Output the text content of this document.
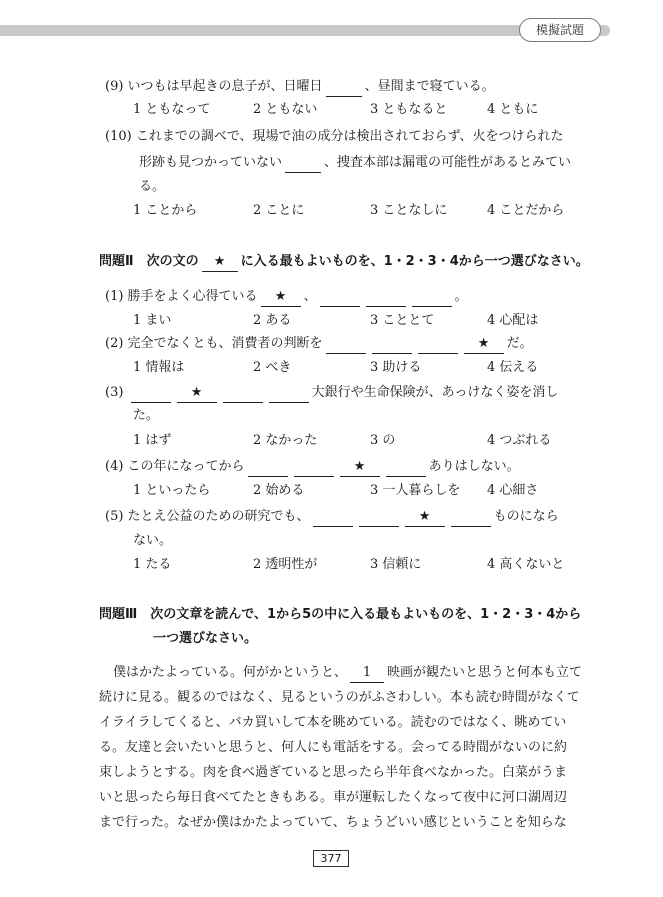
模擬試題
(9) いつもは早起きの息子が、日曜日	、昼間まで寝ている。
1 ともなって	2 ともない	3 ともなると	4 ともに
(10) これまでの調べで、現場で油の成分は検出されておらず、火をつけられた
形跡も見つかっていない	、捜査本部は漏電の可能性があるとみてい
る。
1 ことから	2 ことに	3 ことなしに	4 ことだから
問題Ⅱ　次の文の ★ に入る最もよいものを、1・2・3・4から一つ選びなさい。
(1) 勝手をよく心得ている ★ 、	。
1 まい	2 ある	3 こととて	4 心配は
(2) 完全でなくとも、消費者の判断を	★ だ。
1 情報は	2 べき	3 助ける	4 伝える
(3)	★	大銀行や生命保険が、あっけなく姿を消し
た。
1 はず	2 なかった	3 の	4 つぶれる
(4) この年になってから	★	ありはしない。
1 といったら	2 始める	3 一人暮らしを 4 心細さ
(5) たとえ公益のための研究でも、	★	ものになら
ない。
1 たる	2 透明性が	3 信頼に	4 高くないと
問題Ⅲ　次の文章を読んで、1から5の中に入る最もよいものを、1・2・3・4から
一つ選びなさい。
僕はかたよっている。何がかというと、 1 映画が観たいと思うと何本も立て
続けに見る。観るのではなく、見るというのがふさわしい。本も読む時間がなくて
イライラしてくると、バカ買いして本を眺めている。読むのではなく、眺めてい
る。友達と会いたいと思うと、何人にも電話をする。会ってる時間がないのに約
束しようとする。肉を食べ過ぎていると思ったら半年食べなかった。白菜がうま
いと思ったら毎日食べてたときもある。車が運転したくなって夜中に河口湖周辺
まで行った。なぜか僕はかたよっていて、ちょうどいい感じということを知らな
377
